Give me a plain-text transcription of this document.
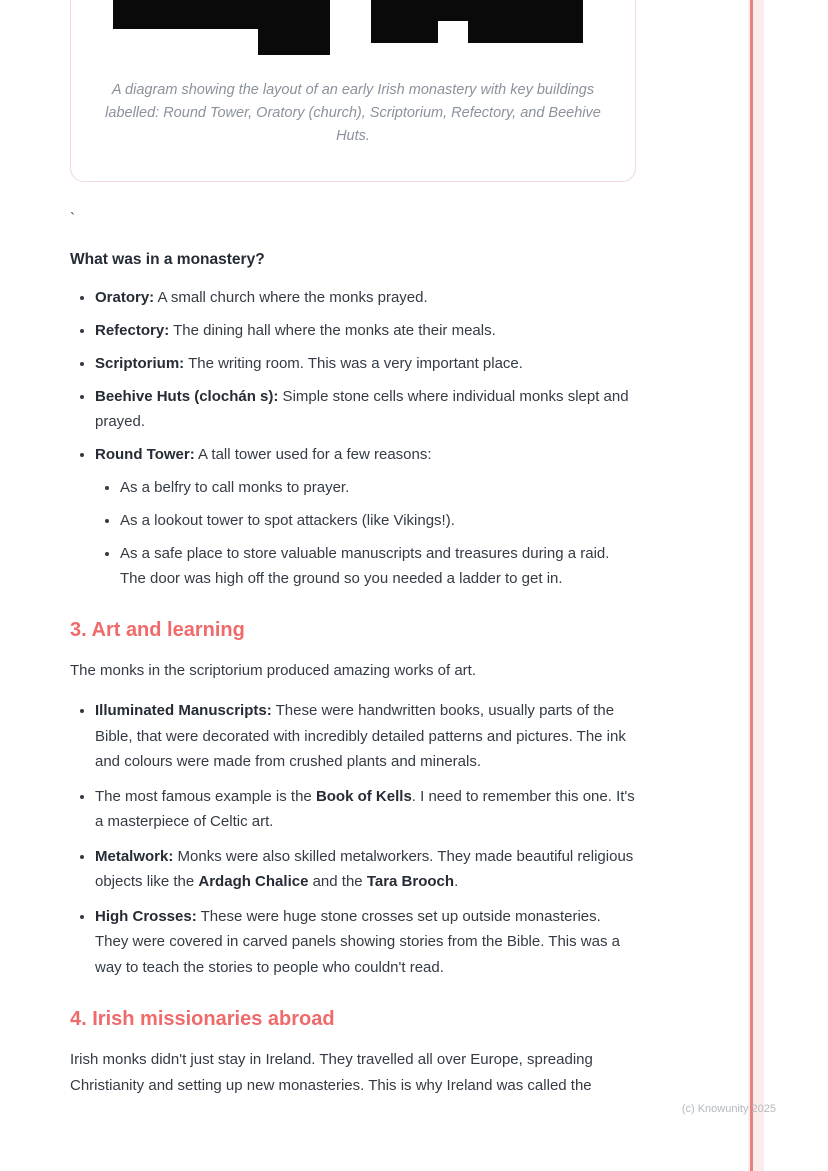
A diagram showing the layout of an early Irish monastery with key buildings labelled: Round Tower, Oratory (church), Scriptorium, Refectory, and Beehive Huts.
`
What was in a monastery?
• Oratory: A small church where the monks prayed.
• Refectory: The dining hall where the monks ate their meals.
• Scriptorium: The writing room. This was a very important place.
• Beehive Huts (clochán s): Simple stone cells where individual monks slept and prayed.
• Round Tower: A tall tower used for a few reasons:
• As a belfry to call monks to prayer.
• As a lookout tower to spot attackers (like Vikings!).
• As a safe place to store valuable manuscripts and treasures during a raid. The door was high off the ground so you needed a ladder to get in.
3. Art and learning

The monks in the scriptorium produced amazing works of art.

• Illuminated Manuscripts: These were handwritten books, usually parts of the Bible, that were decorated with incredibly detailed patterns and pictures. The ink and colours were made from crushed plants and minerals.
• The most famous example is the Book of Kells. I need to remember this one. It's a masterpiece of Celtic art.
• Metalwork: Monks were also skilled metalworkers. They made beautiful religious objects like the Ardagh Chalice and the Tara Brooch.
• High Crosses: These were huge stone crosses set up outside monasteries. They were covered in carved panels showing stories from the Bible. This was a way to teach the stories to people who couldn't read.
4. Irish missionaries abroad

Irish monks didn't just stay in Ireland. They travelled all over Europe, spreading Christianity and setting up new monasteries. This is why Ireland was called the

(c) Knowunity 2025
